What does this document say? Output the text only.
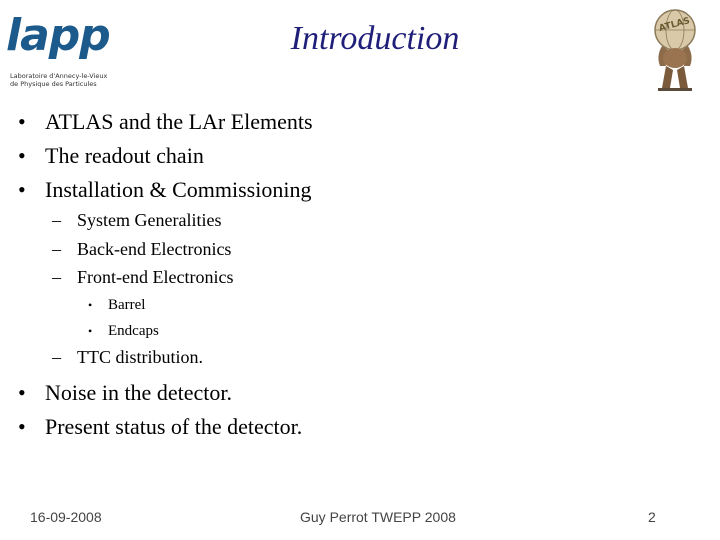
lapp
Laboratoire d'Annecy-le-Vieux
de Physique des Particules
Introduction	ATLAS
• ATLAS and the LAr Elements
• The readout chain
• Installation & Commissioning
– System Generalities
– Back-end Electronics
– Front-end Electronics
• Barrel
• Endcaps
– TTC distribution.
• Noise in the detector.
• Present status of the detector.
16-09-2008	Guy Perrot TWEPP 2008	2
